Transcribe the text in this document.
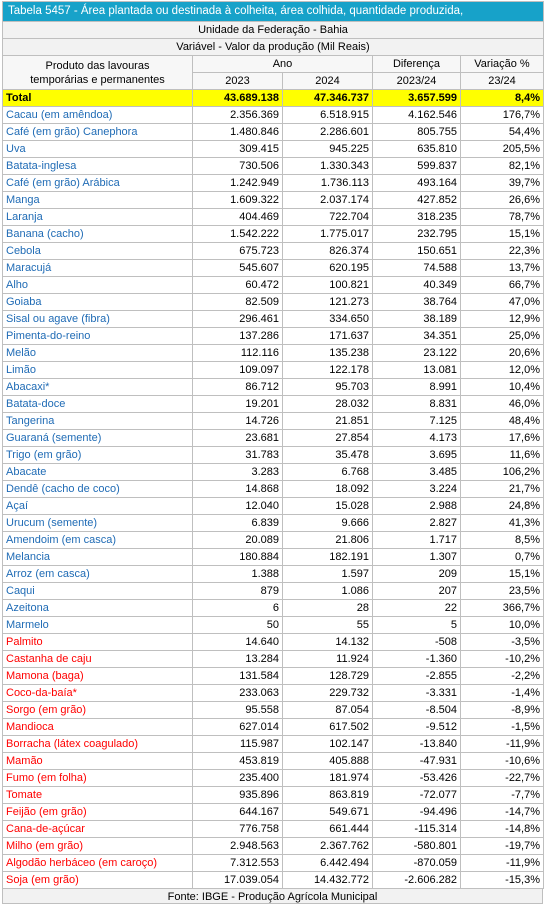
Tabela 5457 - Área plantada ou destinada à colheita, área colhida, quantidade produzida,				
Unidade da Federação - Bahia				
Variável - Valor da produção (Mil Reais)				

Produto das lavouras
temporárias e permanentes	Ano		Diferença	Variação %
	2023	2024	2023/24	23/24
Total	43.689.138	47.346.737	3.657.599	8,4%
Cacau (em amêndoa)	2.356.369	6.518.915	4.162.546	176,7%
Café (em grão) Canephora	1.480.846	2.286.601	805.755	54,4%
Uva	309.415	945.225	635.810	205,5%
Batata-inglesa	730.506	1.330.343	599.837	82,1%
Café (em grão) Arábica	1.242.949	1.736.113	493.164	39,7%
Manga	1.609.322	2.037.174	427.852	26,6%
Laranja	404.469	722.704	318.235	78,7%
Banana (cacho)	1.542.222	1.775.017	232.795	15,1%
Cebola	675.723	826.374	150.651	22,3%
Maracujá	545.607	620.195	74.588	13,7%
Alho	60.472	100.821	40.349	66,7%
Goiaba	82.509	121.273	38.764	47,0%
Sisal ou agave (fibra)	296.461	334.650	38.189	12,9%
Pimenta-do-reino	137.286	171.637	34.351	25,0%
Melão	112.116	135.238	23.122	20,6%
Limão	109.097	122.178	13.081	12,0%
Abacaxi*	86.712	95.703	8.991	10,4%
Batata-doce	19.201	28.032	8.831	46,0%
Tangerina	14.726	21.851	7.125	48,4%
Guaraná (semente)	23.681	27.854	4.173	17,6%
Trigo (em grão)	31.783	35.478	3.695	11,6%
Abacate	3.283	6.768	3.485	106,2%
Dendê (cacho de coco)	14.868	18.092	3.224	21,7%
Açaí	12.040	15.028	2.988	24,8%
Urucum (semente)	6.839	9.666	2.827	41,3%
Amendoim (em casca)	20.089	21.806	1.717	8,5%
Melancia	180.884	182.191	1.307	0,7%
Arroz (em casca)	1.388	1.597	209	15,1%
Caqui	879	1.086	207	23,5%
Azeitona	6	28	22	366,7%
Marmelo	50	55	5	10,0%
Palmito	14.640	14.132	-508	-3,5%
Castanha de caju	13.284	11.924	-1.360	-10,2%
Mamona (baga)	131.584	128.729	-2.855	-2,2%
Coco-da-baía*	233.063	229.732	-3.331	-1,4%
Sorgo (em grão)	95.558	87.054	-8.504	-8,9%
Mandioca	627.014	617.502	-9.512	-1,5%
Borracha (látex coagulado)	115.987	102.147	-13.840	-11,9%
Mamão	453.819	405.888	-47.931	-10,6%
Fumo (em folha)	235.400	181.974	-53.426	-22,7%
Tomate	935.896	863.819	-72.077	-7,7%
Feijão (em grão)	644.167	549.671	-94.496	-14,7%
Cana-de-açúcar	776.758	661.444	-115.314	-14,8%
Milho (em grão)	2.948.563	2.367.762	-580.801	-19,7%
Algodão herbáceo (em caroço)	7.312.553	6.442.494	-870.059	-11,9%
Soja (em grão)	17.039.054	14.432.772	-2.606.282	-15,3%
Fonte: IBGE - Produção Agrícola Municipal
